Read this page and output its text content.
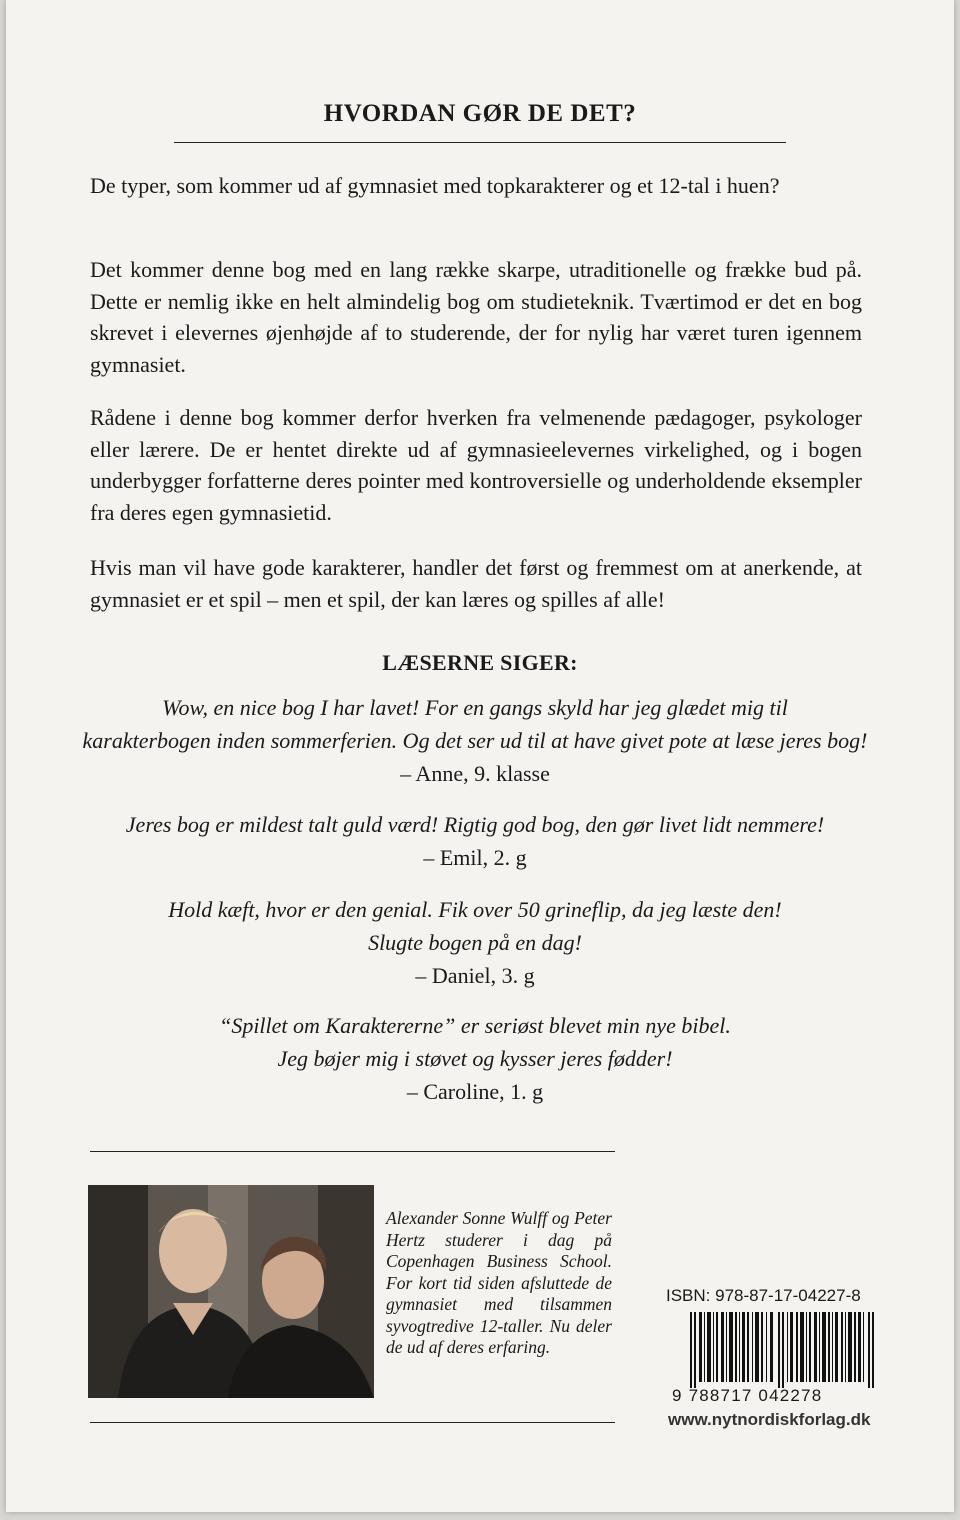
HVORDAN GØR DE DET?
De typer, som kommer ud af gymnasiet med topkarakterer og et 12-tal i huen?
Det kommer denne bog med en lang række skarpe, utraditionelle og frække bud på. Dette er nemlig ikke en helt almindelig bog om studieteknik. Tværtimod er det en bog skrevet i elevernes øjenhøjde af to studerende, der for nylig har været turen igennem gymnasiet.
Rådene i denne bog kommer derfor hverken fra velmenende pædagoger, psykologer eller lærere. De er hentet direkte ud af gymnasieelevernes virkelighed, og i bogen underbygger forfatterne deres pointer med kontroversielle og underholdende eksempler fra deres egen gymnasietid.
Hvis man vil have gode karakterer, handler det først og fremmest om at anerkende, at gymnasiet er et spil – men et spil, der kan læres og spilles af alle!
LÆSERNE SIGER:
Wow, en nice bog I har lavet! For en gangs skyld har jeg glædet mig til
karakterbogen inden sommerferien. Og det ser ud til at have givet pote at læse jeres bog!
– Anne, 9. klasse
Jeres bog er mildest talt guld værd! Rigtig god bog, den gør livet lidt nemmere!
– Emil, 2. g
Hold kæft, hvor er den genial. Fik over 50 grineflip, da jeg læste den!
Slugte bogen på en dag!
– Daniel, 3. g
“Spillet om Karaktererne” er seriøst blevet min nye bibel.
Jeg bøjer mig i støvet og kysser jeres fødder!
– Caroline, 1. g
Alexander Sonne Wulff og Peter Hertz studerer i dag på Copenhagen Business School. For kort tid siden afsluttede de gymnasiet med tilsammen syvogtredive 12-taller. Nu deler de ud af deres erfaring.
ISBN: 978-87-17-04227-8
9 788717 042278
www.nytnordiskforlag.dk
